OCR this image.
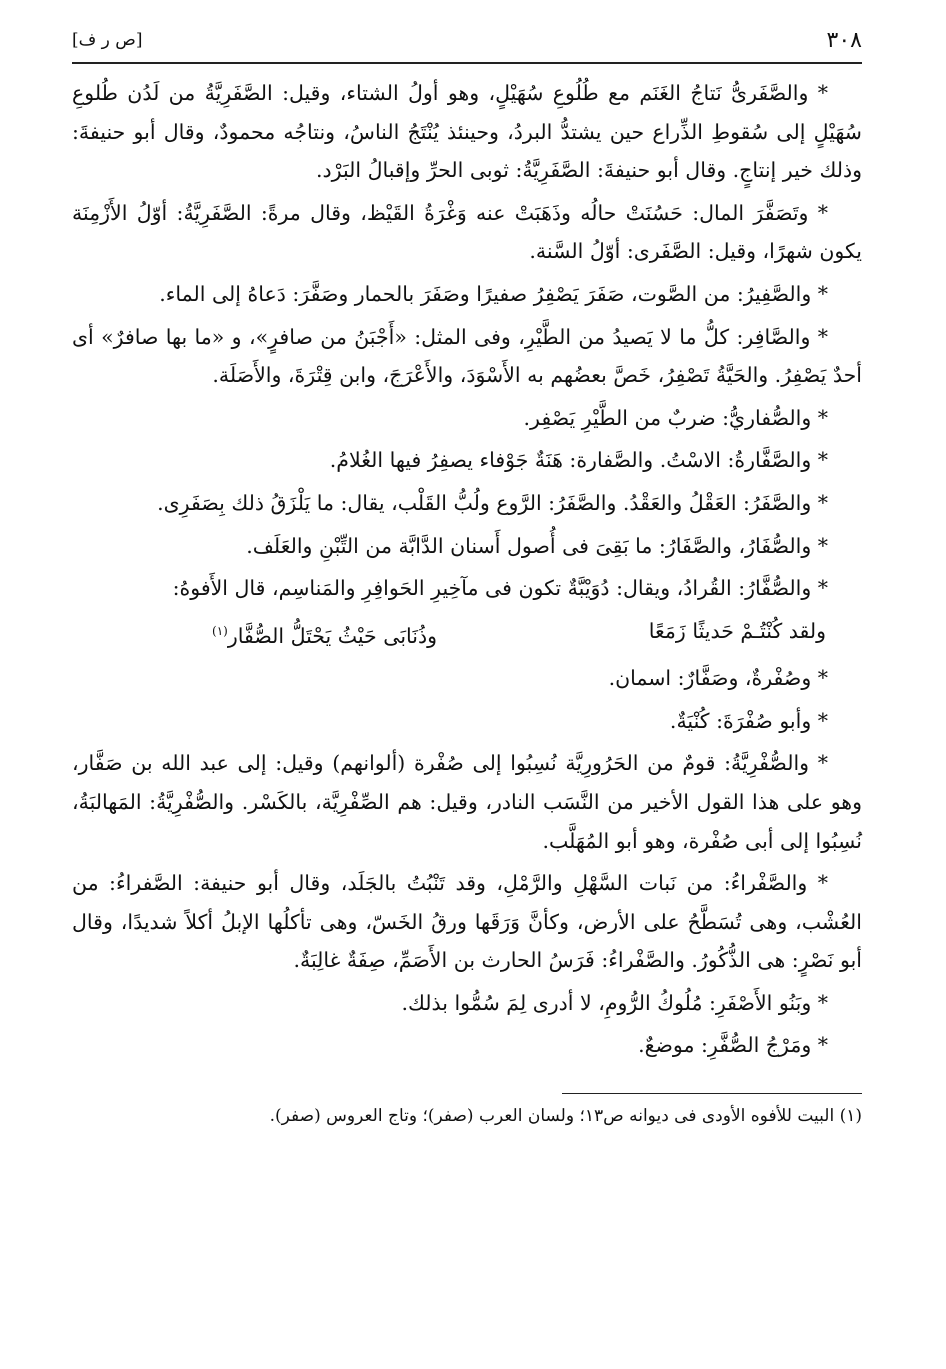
٣٠٨
[ص ر ف]

* والصَّفَرىُّ نَتاجُ الغَنَم مع طُلُوعِ سُهَيْلٍ، وهو أولُ الشتاء، وقيل: الصَّفَرِيَّةُ من لَدُن طُلوعِ سُهَيْلٍ إلى سُقوطِ الذِّراع حين يشتدُّ البردُ، وحينئذ يُنْتَجُ الناسُ، ونتاجُه محمودٌ، وقال أبو حنيفةَ: وذلك خير إنتاجٍ. وقال أبو حنيفةَ: الصَّفَرِيَّةُ: ثوبى الحرِّ وإقبالُ البَرْد.

* وتَصَفَّرَ المال: حَسُنَتْ حالُه وذَهَبَتْ عنه وَغْرَةُ القَيْظ، وقال مرةً: الصَّفَرِيَّةُ: أوّلُ الأَزْمِنَة يكون شهرًا، وقيل: الصَّفَرى: أوّلُ السَّنة.

* والصَّفِيرُ: من الصَّوت، صَفَرَ يَصْفِرُ صفيرًا وصَفَرَ بالحمار وصَفَّرَ: دَعاهُ إلى الماء.

* والصَّافِر: كلُّ ما لا يَصيدُ من الطَّيْرِ، وفى المثل: «أَجْبَنُ من صافرٍ»، و «ما بها صافرٌ» أى أحدٌ يَصْفِرُ. والحَيَّةُ تَصْفِرُ، خَصَّ بعضُهم به الأَسْوَدَ، والأَعْرَجَ، وابن قِتْرَةَ، والأَصَلَة.

* والصُّفاريُّ: ضربٌ من الطَّيْرِ يَصْفِر.

* والصَّفَّارةُ: الاسْتُ. والصَّفارة: هَنَةٌ جَوْفاء يصفِرُ فيها الغُلامُ.

* والصَّفَرُ: العَقْلُ والعَقْدُ. والصَّفَرُ: الرَّوع ولُبُّ القَلْب، يقال: ما يَلْزَقُ ذلك بِصَفَرِى.

* والصُّفَارُ، والصَّفَارُ: ما بَقِىَ فى أُصول أَسنان الدَّابَّة من التِّبْنِ والعَلَف.

* والصُّفَّارُ: القُرادُ، ويقال: دُوَيْبَّةٌ تكون فى مآخِيرِ الحَوافِرِ والمَناسِم، قال الأَفوهُ:

ولقد كُنْتُـمْ حَديثًا زَمَعًا
وذُنَابَى حَيْثُ يَحْتَلُّ الصُّفَّار$^{(١)}$

* وصُفْرةٌ، وصَفَّارٌ: اسمان.

* وأبو صُفْرَةَ: كُنْيَةٌ.

* والصُّفْرِيَّةُ: قومٌ من الحَرُورِيَّة نُسِبُوا إلى صُفْرة (ألوانهم) وقيل: إلى عبد الله بن صَفَّار، وهو على هذا القول الأخير من النَّسَب النادر، وقيل: هم الصِّفْرِيَّة، بالكَسْر. والصُّفْرِيَّةُ: المَهالبَةُ، نُسِبُوا إلى أبى صُفْرة، وهو أبو المُهَلَّب.

* والصَّفْراءُ: من نَبات السَّهْلِ والرَّمْلِ، وقد تَنْبُتُ بالجَلَد، وقال أبو حنيفة: الصَّفراءُ: من العُشْب، وهى تُسَطَّحُ على الأرض، وكأنَّ وَرَقَها ورقُ الخَسّ، وهى تأكلُها الإبلُ أكلاً شديدًا، وقال أبو نَصْرٍ: هى الذُّكُورُ. والصَّفْراءُ: فَرَسُ الحارث بن الأَصَمِّ، صِفَةٌ غالِبَةٌ.

* وبَنُو الأَصْفَرِ: مُلُوكُ الرُّومِ، لا أدرى لِمَ سُمُّوا بذلك.

* ومَرْجُ الصُّفَّرِ: موضعٌ.

(١) البيت للأفوه الأودى فى ديوانه ص١٣؛ ولسان العرب (صفر)؛ وتاج العروس (صفر).
